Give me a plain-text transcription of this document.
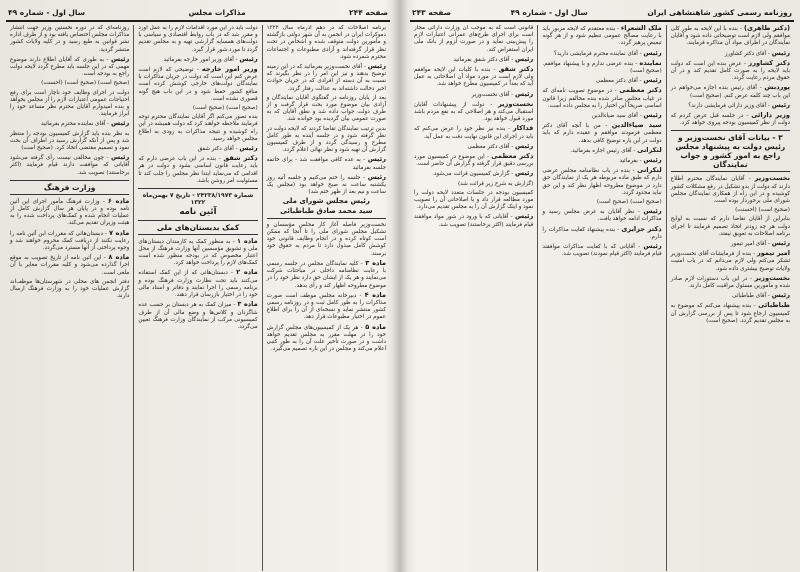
صفحه ۲۴۴
مذاکرات مجلس
سال اول - شماره ۴۹

برنامه اصلاحات که در دهم آذرماه سال ۱۳۲۲ دموکرات ایران در انجمن به آن شهر دولتی بازگشته و مأمورین دولت متوقف شده و اشخاص در تحت نظر قرار گرفته‌اند و آزادی مطبوعات و اجتماعات محترم شمرده شود.

رئیس - آقای نخست‌وزیر بفرمائید که در این زمینه توضیح بدهند و نیز این امر را در نظر بگیرند که نسبت به آن دسته از افرادی که در جریان حوادث اخیر دخالت داشته‌اند به عدالت رفتار گردد.

بعد از پایان روزنامه در گفتگوی آقایان نمایندگان و آزادی بیان موضوع مورد بحث قرار گرفت و از طرف دولت جواب داده شد و نطق آقایان که به صورت عمومی بیان گردیده بود خوانده شد.

بدین ترتیب نمایندگان تقاضا کردند که لایحه دولت در نظر گرفته شود و در جلسه آینده به طور کامل مطرح و رسیدگی گردد و از طرف کمیسیون گزارش آن تهیه شود و نظر نهائی اعلام گردد.

رئیس - به عده کافی موافقت شد - برای خاتمه جلسه بفرمائید

رئیس - جلسه را ختم می‌کنیم و جلسه آتیه روز یکشنبه ساعت نه صبح خواهد بود (مجلس یک ساعت و نیم بعد از ظهر ختم شد)

رئیس مجلس شورای ملی
سید محمد صادق طباطبائی

نخست‌وزیر فاصله آغاز کار مجلس مؤسسان و تشکیل مجلس شورای ملی را تا آنجا که ممکن است کوتاه کرده و در انجام وظایف قانونی خود کوشش کامل مبذول دارد تا مردم به حقوق خود برسند.

ماده ۳ - کلیه نمایندگان مجلس در جلسه رسمی با رعایت نظامنامه داخلی در مباحثات شرکت می‌نمایند و هر یک از ایشان حق دارد نظر خود را در موضوع مطروحه اظهار کند و رأی بدهد.

ماده ۴ - دبیرخانه مجلس موظف است صورت مذاکرات را به طور کامل ثبت و در روزنامه رسمی کشور منتشر نماید و نسخه‌ای از آن را برای اطلاع عموم در اختیار مطبوعات قرار دهد.

ماده ۵ - هر یک از کمیسیون‌های مجلس گزارش خود را در مهلت مقرر به مجلس تقدیم خواهد داشت و در صورت تأخیر علت آن را به طور کتبی اعلام می‌کند و مجلس در این باره تصمیم می‌گیرد.

دولت باید در این مورد اقدامات لازم را به عمل آورد و مقرر شد که در باب روابط اقتصادی و سیاسی با دولت‌های همسایه گزارشی تهیه و به مجلس تقدیم گردد تا مورد شور قرار گیرد.

رئیس - آقای وزیر امور خارجه بفرمائید

وزیر امور خارجه - توضیحی که لازم است عرض کنم این است که دولت در جریان مذاکرات با نمایندگان دولت‌های خارجی کوشش کرده است منافع کشور حفظ شود و در این باب هیچ گونه قصوری نشده است.

(صحیح است) (صحیح است)

بنده تصور می‌کنم اگر آقایان نمایندگان محترم توجه فرمایند ملاحظه خواهند کرد که دولت همیشه در این راه کوشیده و نتیجه مذاکرات به زودی به اطلاع مجلس خواهد رسید.

رئیس - آقای دکتر شفق

دکتر شفق - بنده در این باب عرضی دارم که باید رعایت قانون اساسی بشود و دولت در هر اقدامی که می‌نماید ابتدا نظر مجلس را جلب کند تا مسئولیت امر روشن باشد.

شماره ۲۴۲۳۸/۱۹۷۳ - تاریخ ۷ بهمن‌ماه ۱۳۲۲
آئین نامه
کمک بدبستان‌های ملی

ماده ۱ - به منظور کمک به کارمندان دبستان‌های ملی و تشویق مؤسسین آنها وزارت فرهنگ از محل اعتبار مخصوص که در بودجه منظور شده است کمک‌های لازم را پرداخت خواهد کرد.

ماده ۲ - دبستان‌هائی که از این کمک استفاده می‌کنند باید تحت نظارت وزارت فرهنگ بوده و برنامه رسمی را اجرا نمایند و دفاتر و اسناد مالی خود را در اختیار بازرسان قرار دهند.

ماده ۳ - میزان کمک به هر دبستان بر حسب عده شاگردان و کلاس‌ها و وضع مالی آن از طرف کمیسیونی مرکب از نمایندگان وزارت فرهنگ تعیین می‌گردد.

روزنامه‌ای که در دوره نخستین وزیر جهت انتشار مذاکرات مجلس اختصاص یافته بود و از طرف اداره نشر قوانین به طبع رسید و در کلیه ولایات کشور منتشر گردید.

رئیس - به طوری که آقایان اطلاع دارند موضوع مهمی که در این جلسه باید مطرح گردد لایحه دولت راجع به بودجه است.

(صحیح است) (صحیح است) (احسنت)

دولت در اجرای وظایف خود ناچار است برای رفع احتیاجات عمومی اعتبارات لازم را از مجلس بخواهد و بنده امیدوارم آقایان محترم نظر مساعد خود را ابراز فرمایند.

رئیس - آقای نماینده محترم بفرمائید

به نظر بنده باید گزارش کمیسیون بودجه را منتظر شد و پس از آنکه گزارش رسید در اطراف آن بحث نمود و تصمیم مقتضی اتخاذ کرد. (صحیح است)

رئیس - چون مخالفی نیست رأی گرفته می‌شود آقایانی که موافقت دارند قیام فرمایند (اکثر برخاستند) تصویب شد.

وزارت فرهنگ

ماده ۶ - وزارت فرهنگ مأمور اجرای این آئین نامه بوده و در پایان هر سال گزارش کامل از عملیات انجام شده و کمک‌های پرداخت شده را به هیئت وزیران تقدیم می‌کند.

ماده ۷ - دبستان‌هائی که مقررات این آئین نامه را رعایت نکنند از دریافت کمک محروم خواهند شد و وجوه پرداختی از آنها مسترد می‌گردد.

ماده ۸ - این آئین نامه از تاریخ تصویب به موقع اجرا گذارده می‌شود و کلیه مقررات مغایر با آن ملغی است.

دفتر انجمن های محلی در شهرستان‌ها موظف‌اند گزارش عملیات خود را به وزارت فرهنگ ارسال دارند.

روزنامه رسمی کشور شاهنشاهی ایران
سال اول - شماره ۴۹
صفحه ۲۴۳

(دکتر طاهری) - بنده با این لایحه به طور کلی موافقم ولی لازم است توضیحاتی داده شود و آقایان نمایندگان در اطراف مواد آن مذاکره فرمایند.

رئیس - آقای دکتر کشاورز

دکتر کشاورز - عرض بنده این است که دولت باید لایحه را به صورت کامل تقدیم کند و در آن حقوق مردم رعایت گردد.

پوردبش - آقای رئیس بنده اجازه می‌خواهم در این باب چند کلمه عرض کنم. (صحیح است)

رئیس - آقای وزیر دارائی فرمایشی دارند؟

وزیر دارائی - در جلسه قبل عرض کردم که دولت از نظر کمیسیون بودجه پیروی خواهد کرد.

۳ - بیانات آقای نخست‌وزیر و رئیس دولت به پیشنهاد مجلس راجع به امور کشور و جواب نمایندگان

نخست‌وزیر - آقایان نمایندگان محترم اطلاع دارند که دولت از بدو تشکیل در رفع مشکلات کشور کوشیده و در این راه از همکاری نمایندگان مجلس شورای ملی برخوردار بوده است.

(صحیح است) (احسنت)

بنابراین از آقایان تقاضا دارم که نسبت به لوایح دولت هر چه زودتر اتخاذ تصمیم فرمایند تا اجرای برنامه اصلاحات به تعویق نیفتد.

رئیس - آقای امیر تیمور

امیر تیمور - بنده از فرمایشات آقای نخست‌وزیر تشکر می‌کنم ولی لازم می‌دانم که در باب امنیت ولایات توضیح بیشتری داده شود.

نخست‌وزیر - در این باب دستورات لازم صادر شده و مأمورین مسئول مراقبت کامل دارند.

رئیس - آقای طباطبائی

طباطبائی - بنده پیشنهاد می‌کنم که موضوع به کمیسیون ارجاع شود تا پس از بررسی گزارش آن به مجلس تقدیم گردد. (صحیح است)

ملک الشعراء - بنده معتقدم که لایحه مزبور باید با رعایت مصالح عمومی تنظیم شود و از هر گونه تبعیض پرهیز گردد.

رئیس - آقای نماینده محترم فرمایشی دارید؟

نماینده - بنده عرضی ندارم و با پیشنهاد موافقم. (صحیح است)

رئیس - آقای دکتر معظمی

دکتر معظمی - در موضوع تصویب نامه‌ای که در غیاب مجلس صادر شده بنده مخالفم زیرا قانون اساسی صریحاً این اختیار را به مجلس داده است.

رئیس - آقای سید ضیاءالدین

سید ضیاءالدین - من با آنچه آقای دکتر معظمی فرمودند موافقم و عقیده دارم که باید دولت در این باره توضیح کافی بدهد.

لنکرانی - آقای رئیس اجازه بفرمائید.

رئیس - بفرمائید

لنکرانی - بنده در باب نظامنامه مجلس عرضی دارم که طبق ماده مربوطه هر یک از نمایندگان حق دارد در موضوع مطروحه اظهار نظر کند و این حق نباید محدود گردد.

(صحیح است) (صحیح است)

رئیس - نظر آقایان به عرض مجلس رسید و مذاکرات ادامه خواهد یافت.

دکتر جزایری - بنده پیشنهاد کفایت مذاکرات را دارم.

رئیس - آقایانی که با کفایت مذاکرات موافقند قیام فرمایند (اکثر قیام نمودند) تصویب شد.

قانونی است که به موجب آن وزارت دارائی مجاز است برای اجرای طرح‌های عمرانی اعتبارات لازم را پیش‌بینی نماید و در صورت لزوم از بانک ملی ایران استقراض کند.

رئیس - آقای دکتر شفق بفرمائید

دکتر شفق - بنده با کلیات این لایحه موافقم ولی لازم است در مورد مواد آن اصلاحاتی به عمل آید که بعداً در کمیسیون مطرح خواهد شد.

رئیس - آقای نخست‌وزیر

نخست‌وزیر - دولت از پیشنهادات آقایان استقبال می‌کند و هر اصلاحی که به نفع مردم باشد مورد قبول خواهد بود.

فداکار - بنده نیز نظر خود را عرض می‌کنم که باید در اجرای این قانون نهایت دقت به عمل آید.

رئیس - آقای دکتر معظمی

دکتر معظمی - این موضوع در کمیسیون مورد بررسی دقیق قرار گرفته و گزارش آن حاضر است.

رئیس - گزارش کمیسیون قرائت می‌شود.

(گزارش به شرح زیر قرائت شد)

کمیسیون بودجه در جلسات متعدد لایحه دولت را مورد مطالعه قرار داد و با اصلاحاتی آن را تصویب نمود و اینک گزارش آن را به مجلس تقدیم می‌دارد.

رئیس - آقایانی که با ورود در شور مواد موافقند قیام فرمایند (اکثر برخاستند) تصویب شد.
